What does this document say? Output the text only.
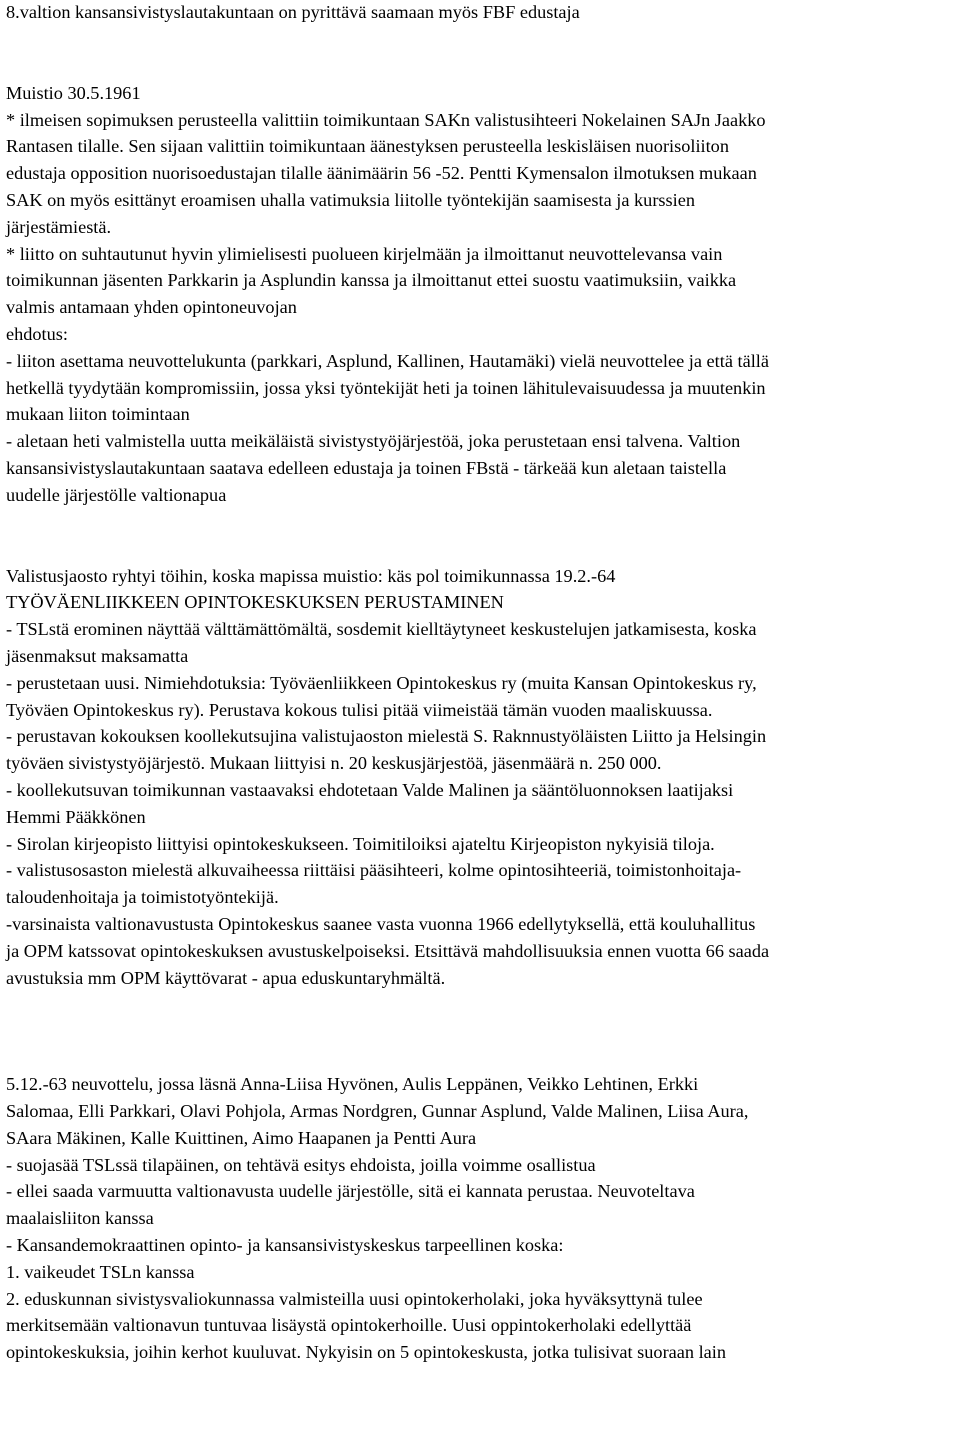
8.valtion kansansivistyslautakuntaan on pyrittävä saamaan myös FBF edustaja
Muistio 30.5.1961
* ilmeisen sopimuksen perusteella valittiin toimikuntaan SAKn valistusihteeri Nokelainen SAJn Jaakko
Rantasen tilalle. Sen sijaan valittiin toimikuntaan äänestyksen perusteella leskisläisen nuorisoliiton
edustaja opposition nuorisoedustajan tilalle äänimäärin 56 -52. Pentti Kymensalon ilmotuksen mukaan
SAK on myös esittänyt eroamisen uhalla vatimuksia liitolle työntekijän saamisesta ja kurssien
järjestämiestä.
* liitto on suhtautunut hyvin ylimielisesti puolueen kirjelmään ja ilmoittanut neuvottelevansa vain
toimikunnan jäsenten Parkkarin ja Asplundin kanssa ja ilmoittanut ettei suostu vaatimuksiin, vaikka
valmis antamaan yhden opintoneuvojan
ehdotus:
- liiton asettama neuvottelukunta (parkkari, Asplund, Kallinen, Hautamäki) vielä neuvottelee ja että tällä
hetkellä tyydytään kompromissiin, jossa yksi työntekijät heti ja toinen lähitulevaisuudessa ja muutenkin
mukaan liiton toimintaan
- aletaan heti valmistella uutta meikäläistä sivistystyöjärjestöä, joka perustetaan ensi talvena. Valtion
kansansivistyslautakuntaan saatava edelleen edustaja ja toinen FBstä - tärkeää kun aletaan taistella
uudelle järjestölle valtionapua
Valistusjaosto ryhtyi töihin, koska mapissa muistio: käs pol toimikunnassa 19.2.-64
TYÖVÄENLIIKKEEN OPINTOKESKUKSEN PERUSTAMINEN
- TSLstä erominen näyttää välttämättömältä, sosdemit kielltäytyneet keskustelujen jatkamisesta, koska
jäsenmaksut maksamatta
- perustetaan uusi. Nimiehdotuksia: Työväenliikkeen Opintokeskus ry (muita Kansan Opintokeskus ry,
Työväen Opintokeskus ry). Perustava kokous tulisi pitää viimeistää tämän vuoden maaliskuussa.
- perustavan kokouksen koollekutsujina valistujaoston mielestä S. Raknnustyöläisten Liitto ja Helsingin
työväen sivistystyöjärjestö. Mukaan liittyisi n. 20 keskusjärjestöä, jäsenmäärä n. 250 000.
- koollekutsuvan toimikunnan vastaavaksi ehdotetaan Valde Malinen ja sääntöluonnoksen laatijaksi
Hemmi Pääkkönen
- Sirolan kirjeopisto liittyisi opintokeskukseen. Toimitiloiksi ajateltu Kirjeopiston nykyisiä tiloja.
- valistusosaston mielestä alkuvaiheessa riittäisi pääsihteeri, kolme opintosihteeriä, toimistonhoitaja-
taloudenhoitaja ja toimistotyöntekijä.
-varsinaista valtionavustusta Opintokeskus saanee vasta vuonna 1966 edellytyksellä, että kouluhallitus
ja OPM katssovat opintokeskuksen avustuskelpoiseksi. Etsittävä mahdollisuuksia ennen vuotta 66 saada
avustuksia mm OPM käyttövarat - apua eduskuntaryhmältä.
5.12.-63 neuvottelu, jossa läsnä Anna-Liisa Hyvönen, Aulis Leppänen, Veikko Lehtinen, Erkki
Salomaa, Elli Parkkari, Olavi Pohjola, Armas Nordgren, Gunnar Asplund, Valde Malinen, Liisa Aura,
SAara Mäkinen, Kalle Kuittinen, Aimo Haapanen ja Pentti Aura
- suojasää TSLssä tilapäinen, on tehtävä esitys ehdoista, joilla voimme osallistua
- ellei saada varmuutta valtionavusta uudelle järjestölle, sitä ei kannata perustaa. Neuvoteltava
maalaisliiton kanssa
- Kansandemokraattinen opinto- ja kansansivistyskeskus tarpeellinen koska:
1. vaikeudet TSLn kanssa
2. eduskunnan sivistysvaliokunnassa valmisteilla uusi opintokerholaki, joka hyväksyttynä tulee
merkitsemään valtionavun tuntuvaa lisäystä opintokerhoille. Uusi oppintokerholaki edellyttää
opintokeskuksia, joihin kerhot kuuluvat. Nykyisin on 5 opintokeskusta, jotka tulisivat suoraan lain
